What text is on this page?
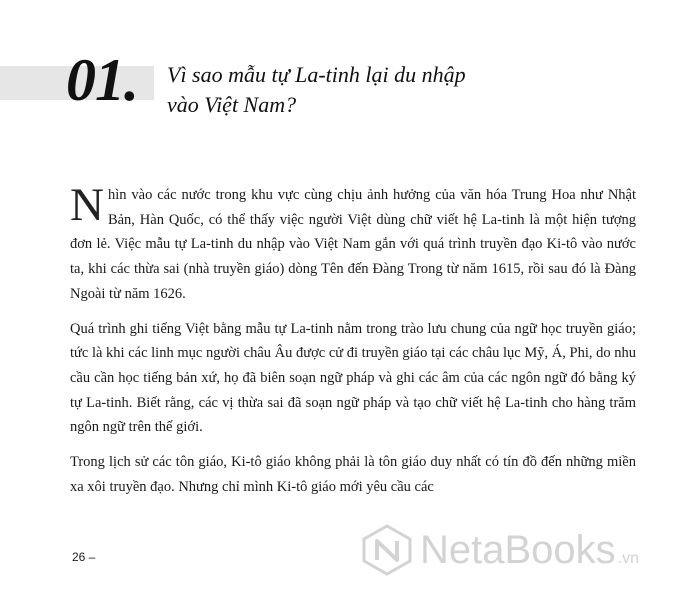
01. Vì sao mẫu tự La-tinh lại du nhập
vào Việt Nam?

Nhìn vào các nước trong khu vực cùng chịu ảnh hưởng của văn hóa Trung Hoa như Nhật Bản, Hàn Quốc, có thể thấy việc người Việt dùng chữ viết hệ La-tinh là một hiện tượng đơn lẻ. Việc mẫu tự La-tinh du nhập vào Việt Nam gắn với quá trình truyền đạo Ki-tô vào nước ta, khi các thừa sai (nhà truyền giáo) dòng Tên đến Đàng Trong từ năm 1615, rồi sau đó là Đàng Ngoài từ năm 1626.

Quá trình ghi tiếng Việt bằng mẫu tự La-tinh nằm trong trào lưu chung của ngữ học truyền giáo; tức là khi các linh mục người châu Âu được cử đi truyền giáo tại các châu lục Mỹ, Á, Phi, do nhu cầu cần học tiếng bản xứ, họ đã biên soạn ngữ pháp và ghi các âm của các ngôn ngữ đó bằng ký tự La-tinh. Biết rằng, các vị thừa sai đã soạn ngữ pháp và tạo chữ viết hệ La-tinh cho hàng trăm ngôn ngữ trên thế giới.

Trong lịch sử các tôn giáo, Ki-tô giáo không phải là tôn giáo duy nhất có tín đồ đến những miền xa xôi truyền đạo. Nhưng chỉ mình Ki-tô giáo mới yêu cầu các

26 –	NetaBooks .vn
